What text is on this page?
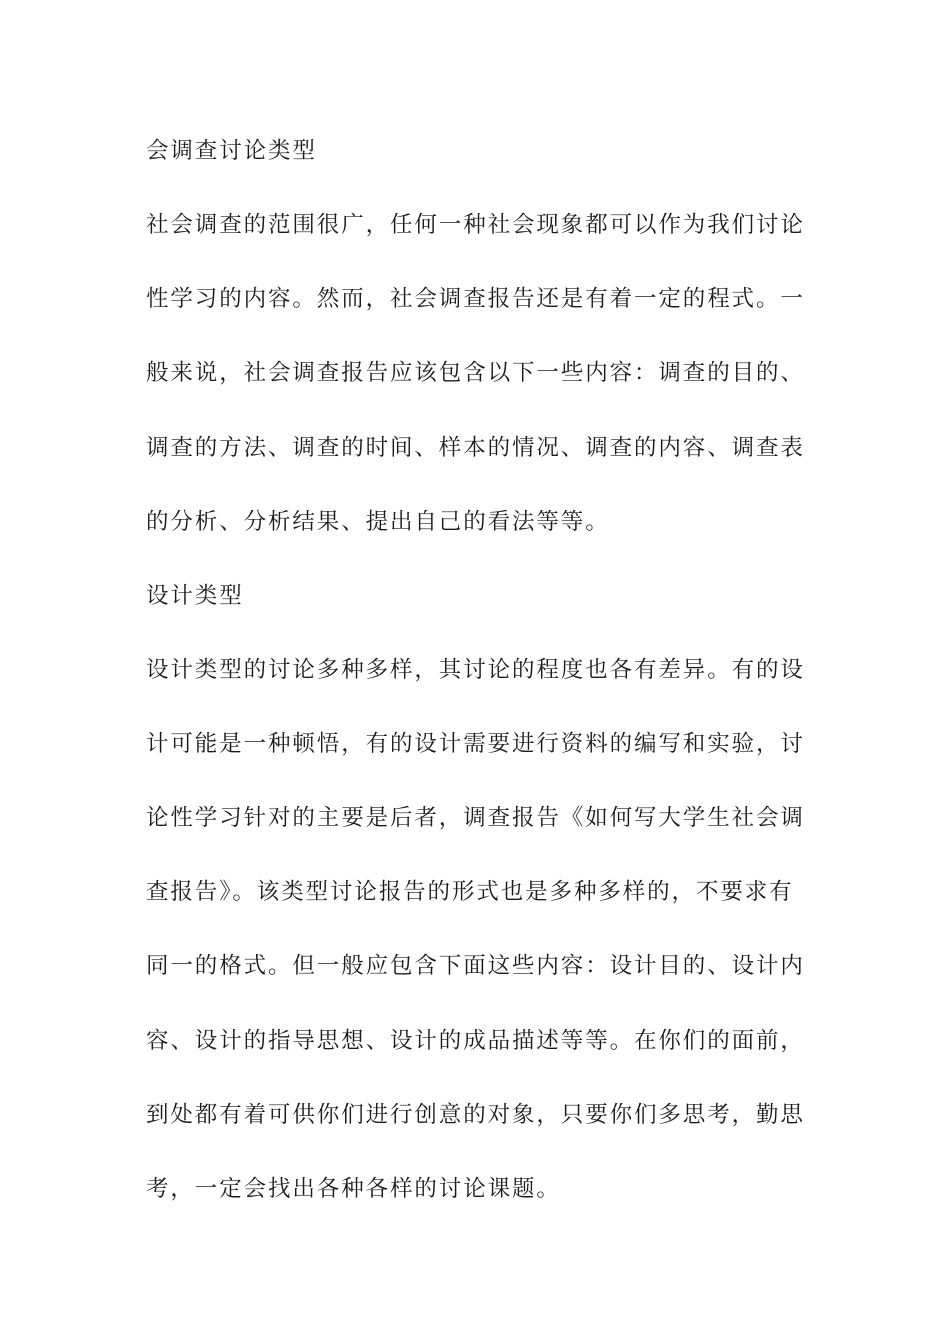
会调查讨论类型
社会调查的范围很广，任何一种社会现象都可以作为我们讨论
性学习的内容。然而，社会调查报告还是有着一定的程式。一
般来说，社会调查报告应该包含以下一些内容：调查的目的、
调查的方法、调查的时间、样本的情况、调查的内容、调查表
的分析、分析结果、提出自己的看法等等。
设计类型
设计类型的讨论多种多样，其讨论的程度也各有差异。有的设
计可能是一种顿悟，有的设计需要进行资料的编写和实验，讨
论性学习针对的主要是后者，调查报告《如何写大学生社会调
查报告》。该类型讨论报告的形式也是多种多样的，不要求有
同一的格式。但一般应包含下面这些内容：设计目的、设计内
容、设计的指导思想、设计的成品描述等等。在你们的面前，
到处都有着可供你们进行创意的对象，只要你们多思考，勤思
考，一定会找出各种各样的讨论课题。
